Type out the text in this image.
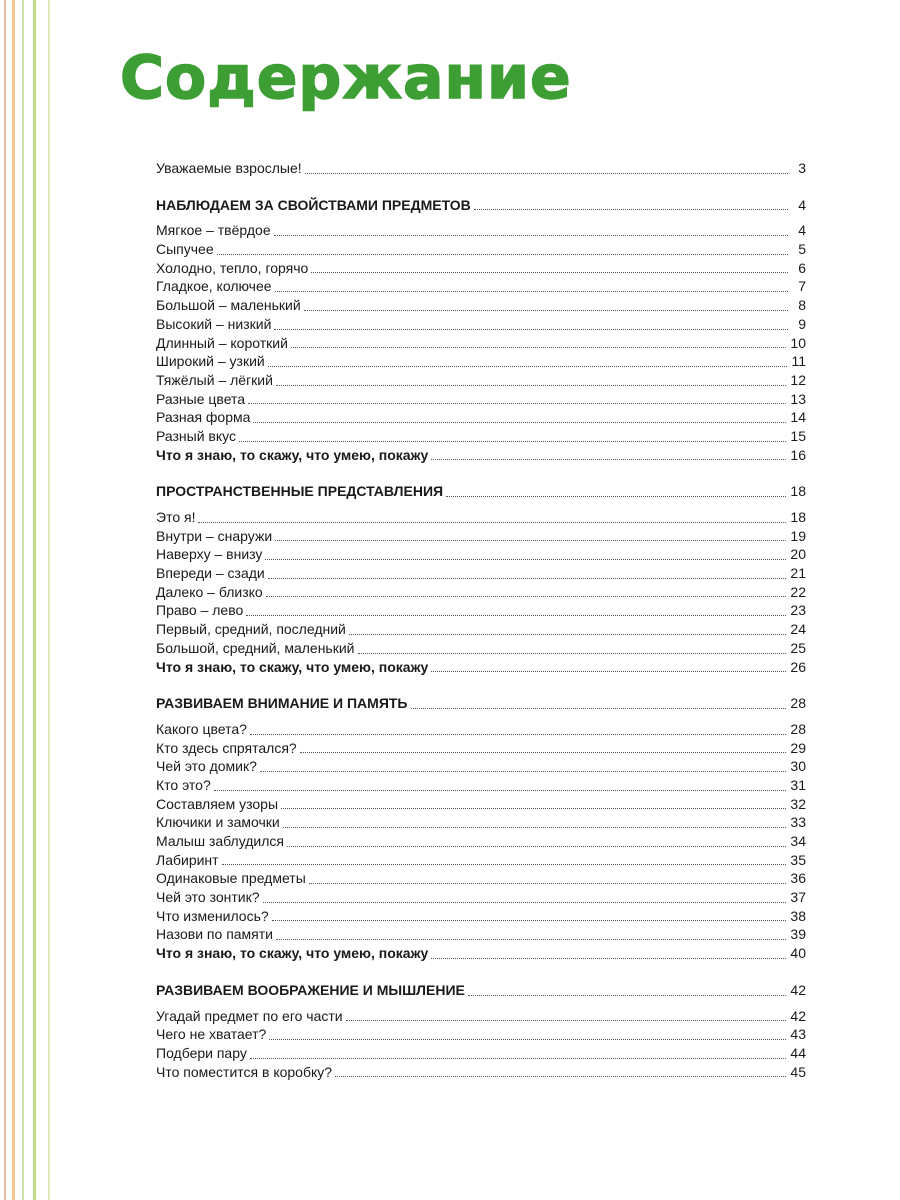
Содержание
Уважаемые взрослые!	3
НАБЛЮДАЕМ ЗА СВОЙСТВАМИ ПРЕДМЕТОВ	4
Мягкое – твёрдое	4
Сыпучее	5
Холодно, тепло, горячо	6
Гладкое, колючее	7
Большой – маленький	8
Высокий – низкий	9
Длинный – короткий	10
Широкий – узкий	11
Тяжёлый – лёгкий	12
Разные цвета	13
Разная форма	14
Разный вкус	15
Что я знаю, то скажу, что умею, покажу	16
ПРОСТРАНСТВЕННЫЕ ПРЕДСТАВЛЕНИЯ	18
Это я!	18
Внутри – снаружи	19
Наверху – внизу	20
Впереди – сзади	21
Далеко – близко	22
Право – лево	23
Первый, средний, последний	24
Большой, средний, маленький	25
Что я знаю, то скажу, что умею, покажу	26
РАЗВИВАЕМ ВНИМАНИЕ И ПАМЯТЬ	28
Какого цвета?	28
Кто здесь спрятался?	29
Чей это домик?	30
Кто это?	31
Составляем узоры	32
Ключики и замочки	33
Малыш заблудился	34
Лабиринт	35
Одинаковые предметы	36
Чей это зонтик?	37
Что изменилось?	38
Назови по памяти	39
Что я знаю, то скажу, что умею, покажу	40
РАЗВИВАЕМ ВООБРАЖЕНИЕ И МЫШЛЕНИЕ	42
Угадай предмет по его части	42
Чего не хватает?	43
Подбери пару	44
Что поместится в коробку?	45
